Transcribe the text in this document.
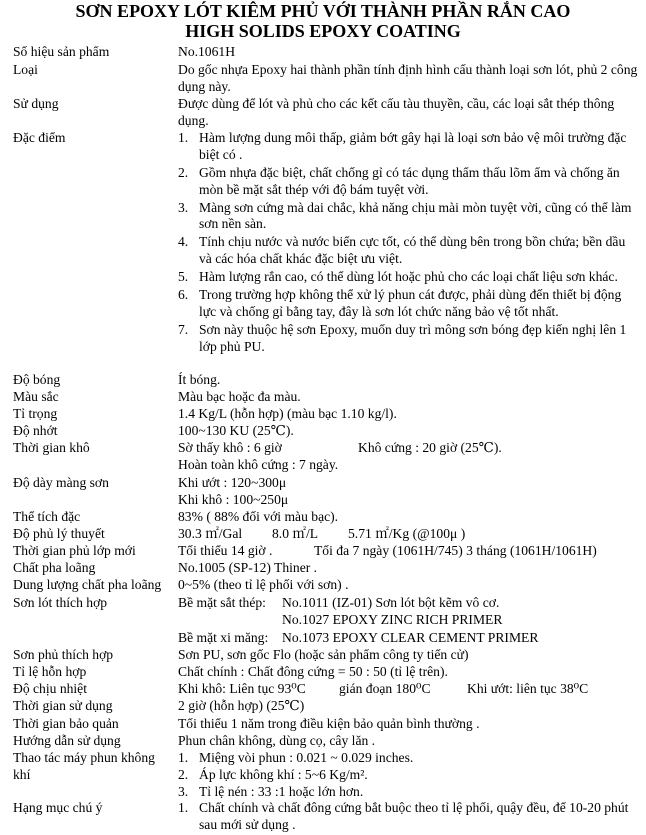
SƠN EPOXY LÓT KIÊM PHỦ VỚI THÀNH PHẦN RẮN CAO
HIGH SOLIDS EPOXY COATING
Số hiệu sản phẩm	No.1061H
Loại	Do gốc nhựa Epoxy hai thành phần tính định hình cấu thành loại sơn lót, phủ 2 công dụng này.
Sử dụng	Được dùng để lót và phủ cho các kết cấu tàu thuyền, cầu, các loại sắt thép thông dụng.
Đặc điểm	1. Hàm lượng dung môi thấp, giảm bớt gây hại là loại sơn bảo vệ môi trường đặc biệt có .
2. Gồm nhựa đặc biệt, chất chống gỉ có tác dụng thẩm thấu lõm ẩm và chống ăn mòn bề mặt sắt thép với độ bám tuyệt vời.
3. Màng sơn cứng mà dai chắc, khả năng chịu mài mòn tuyệt vời, cũng có thể làm sơn nền sàn.
4. Tính chịu nước và nước biển cực tốt, có thể dùng bên trong bồn chứa; bền dầu và các hóa chất khác đặc biệt ưu việt.
5. Hàm lượng rắn cao, có thể dùng lót hoặc phủ cho các loại chất liệu sơn khác.
6. Trong trường hợp không thể xử lý phun cát được, phải dùng đến thiết bị động lực và chống gỉ bằng tay, đây là sơn lót chức năng bảo vệ tốt nhất.
7. Sơn này thuộc hệ sơn Epoxy, muốn duy trì mông sơn bóng đẹp kiến nghị lên 1 lớp phủ PU.
Độ bóng	Ít bóng.
Màu sắc	Màu bạc hoặc đa màu.
Tỉ trọng	1.4 Kg/L (hỗn hợp) (màu bạc 1.10 kg/l).
Độ nhớt	100~130 KU (25℃).
Thời gian khô	Sờ thấy khô : 6 giờ	Khô cứng : 20 giờ (25℃).
Hoàn toàn khô cứng : 7 ngày.
Độ dày màng sơn	Khi ướt : 120~300μ
Khi khô : 100~250μ
Thể tích đặc	83% ( 88% đối với màu bạc).
Độ phủ lý thuyết	30.3 ㎡/Gal 8.0 ㎡/L 5.71 ㎡/Kg (@100μ )
Thời gian phủ lớp mới	Tối thiểu 14 giờ .	Tối đa 7 ngày (1061H/745) 3 tháng (1061H/1061H)
Chất pha loãng	No.1005 (SP-12) Thiner .
Dung lượng chất pha loãng	0~5% (theo tỉ lệ phối với sơn) .
Sơn lót thích hợp	Bề mặt sắt thép: No.1011 (IZ-01) Sơn lót bột kẽm vô cơ.
No.1027 EPOXY ZINC RICH PRIMER
Bề mặt xi măng: No.1073 EPOXY CLEAR CEMENT PRIMER
Sơn phủ thích hợp	Sơn PU, sơn gốc Flo (hoặc sản phẩm công ty tiến cử)
Tỉ lệ hỗn hợp	Chất chính : Chất đông cứng = 50 : 50 (tỉ lệ trên).
Độ chịu nhiệt	Khi khô: Liên tục 93⁰C gián đoạn 180⁰C	Khi ướt: liên tục 38⁰C
Thời gian sử dụng	2 giờ (hỗn hợp) (25℃)
Thời gian bảo quản	Tối thiểu 1 năm trong điều kiện bảo quản bình thường .
Hướng dẫn sử dụng	Phun chân không, dùng cọ, cây lăn .
Thao tác máy phun không khí
1. Miệng vòi phun : 0.021 ~ 0.029 inches.
2. Áp lực không khí : 5~6 Kg/m².
3. Tỉ lệ nén : 33 :1 hoặc lớn hơn.
Hạng mục chú ý	1. Chất chính và chất đông cứng bắt buộc theo tỉ lệ phối, quậy đều, để 10-20 phút sau mới sử dụng .
